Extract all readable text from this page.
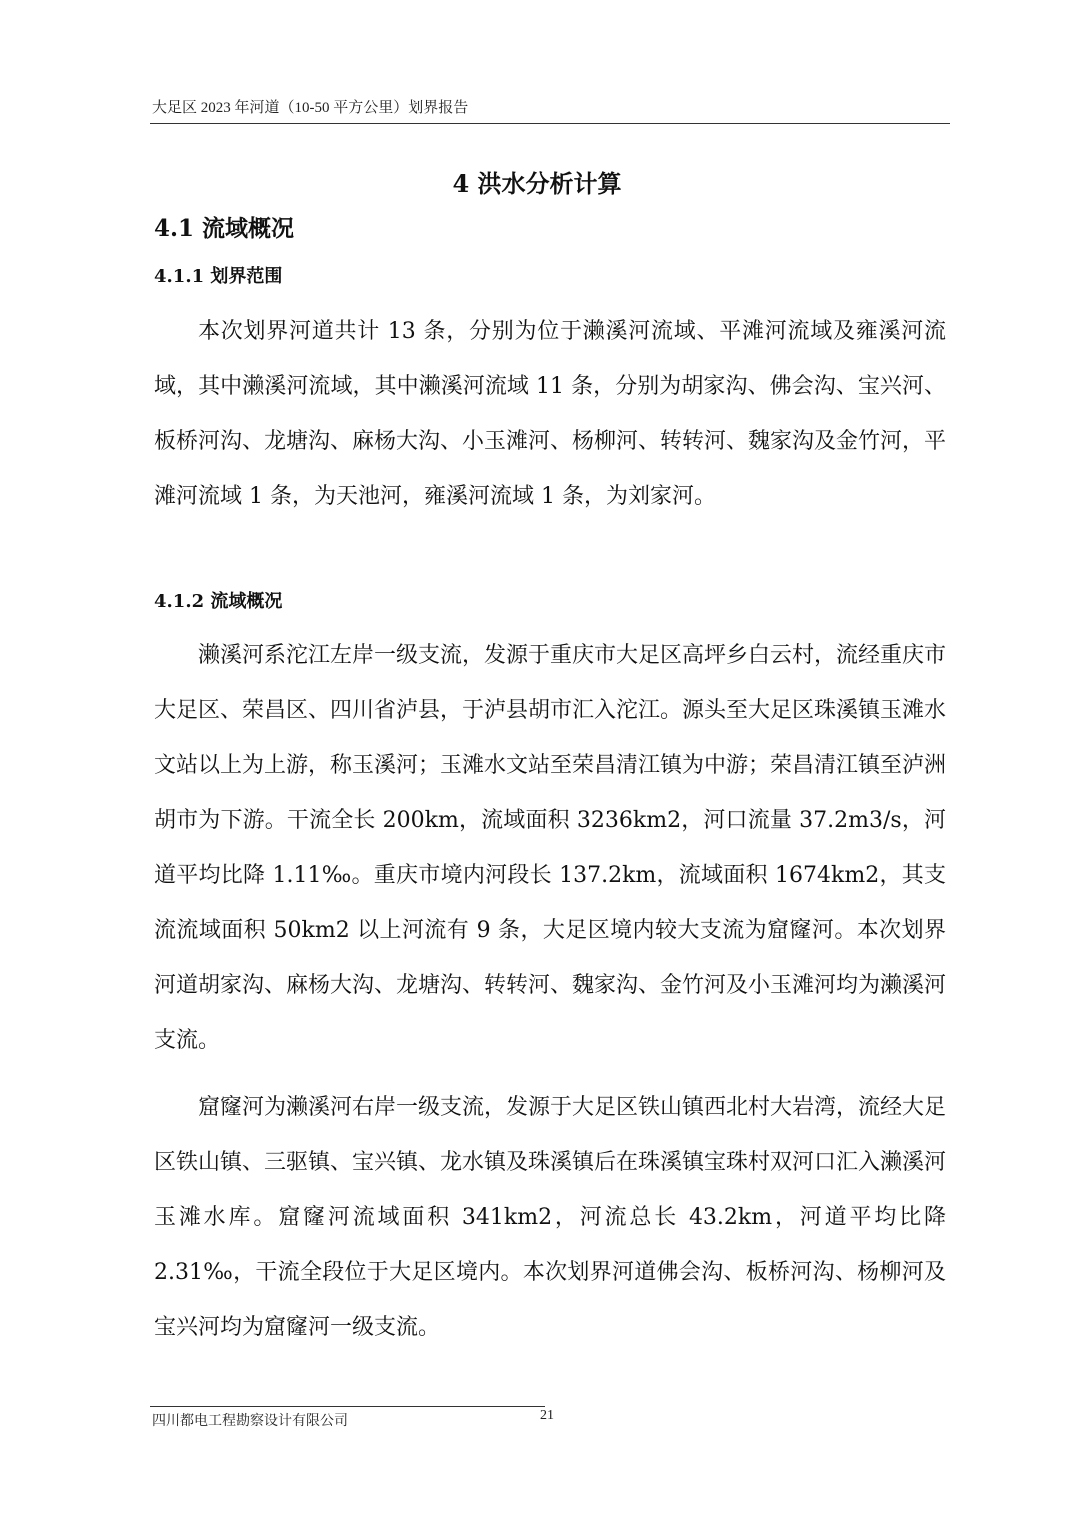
大足区 2023 年河道（10-50 平方公里）划界报告
4 洪水分析计算
4.1 流域概况
4.1.1 划界范围

本次划界河道共计 13 条，分别为位于濑溪河流域、平滩河流域及雍溪河流域，其中濑溪河流域，其中濑溪河流域 11 条，分别为胡家沟、佛会沟、宝兴河、板桥河沟、龙塘沟、麻杨大沟、小玉滩河、杨柳河、转转河、魏家沟及金竹河，平滩河流域 1 条，为天池河，雍溪河流域 1 条，为刘家河。

4.1.2 流域概况

濑溪河系沱江左岸一级支流，发源于重庆市大足区高坪乡白云村，流经重庆市大足区、荣昌区、四川省泸县，于泸县胡市汇入沱江。源头至大足区珠溪镇玉滩水文站以上为上游，称玉溪河；玉滩水文站至荣昌清江镇为中游；荣昌清江镇至泸洲胡市为下游。干流全长 200km，流域面积 3236km2，河口流量 37.2m3/s，河道平均比降 1.11‰。重庆市境内河段长 137.2km，流域面积 1674km2，其支流流域面积 50km2 以上河流有 9 条，大足区境内较大支流为窟窿河。本次划界河道胡家沟、麻杨大沟、龙塘沟、转转河、魏家沟、金竹河及小玉滩河均为濑溪河支流。

窟窿河为濑溪河右岸一级支流，发源于大足区铁山镇西北村大岩湾，流经大足区铁山镇、三驱镇、宝兴镇、龙水镇及珠溪镇后在珠溪镇宝珠村双河口汇入濑溪河玉滩水库。窟窿河流域面积 341km2，河流总长 43.2km，河道平均比降 2.31‰，干流全段位于大足区境内。本次划界河道佛会沟、板桥河沟、杨柳河及宝兴河均为窟窿河一级支流。

四川都电工程勘察设计有限公司	21
